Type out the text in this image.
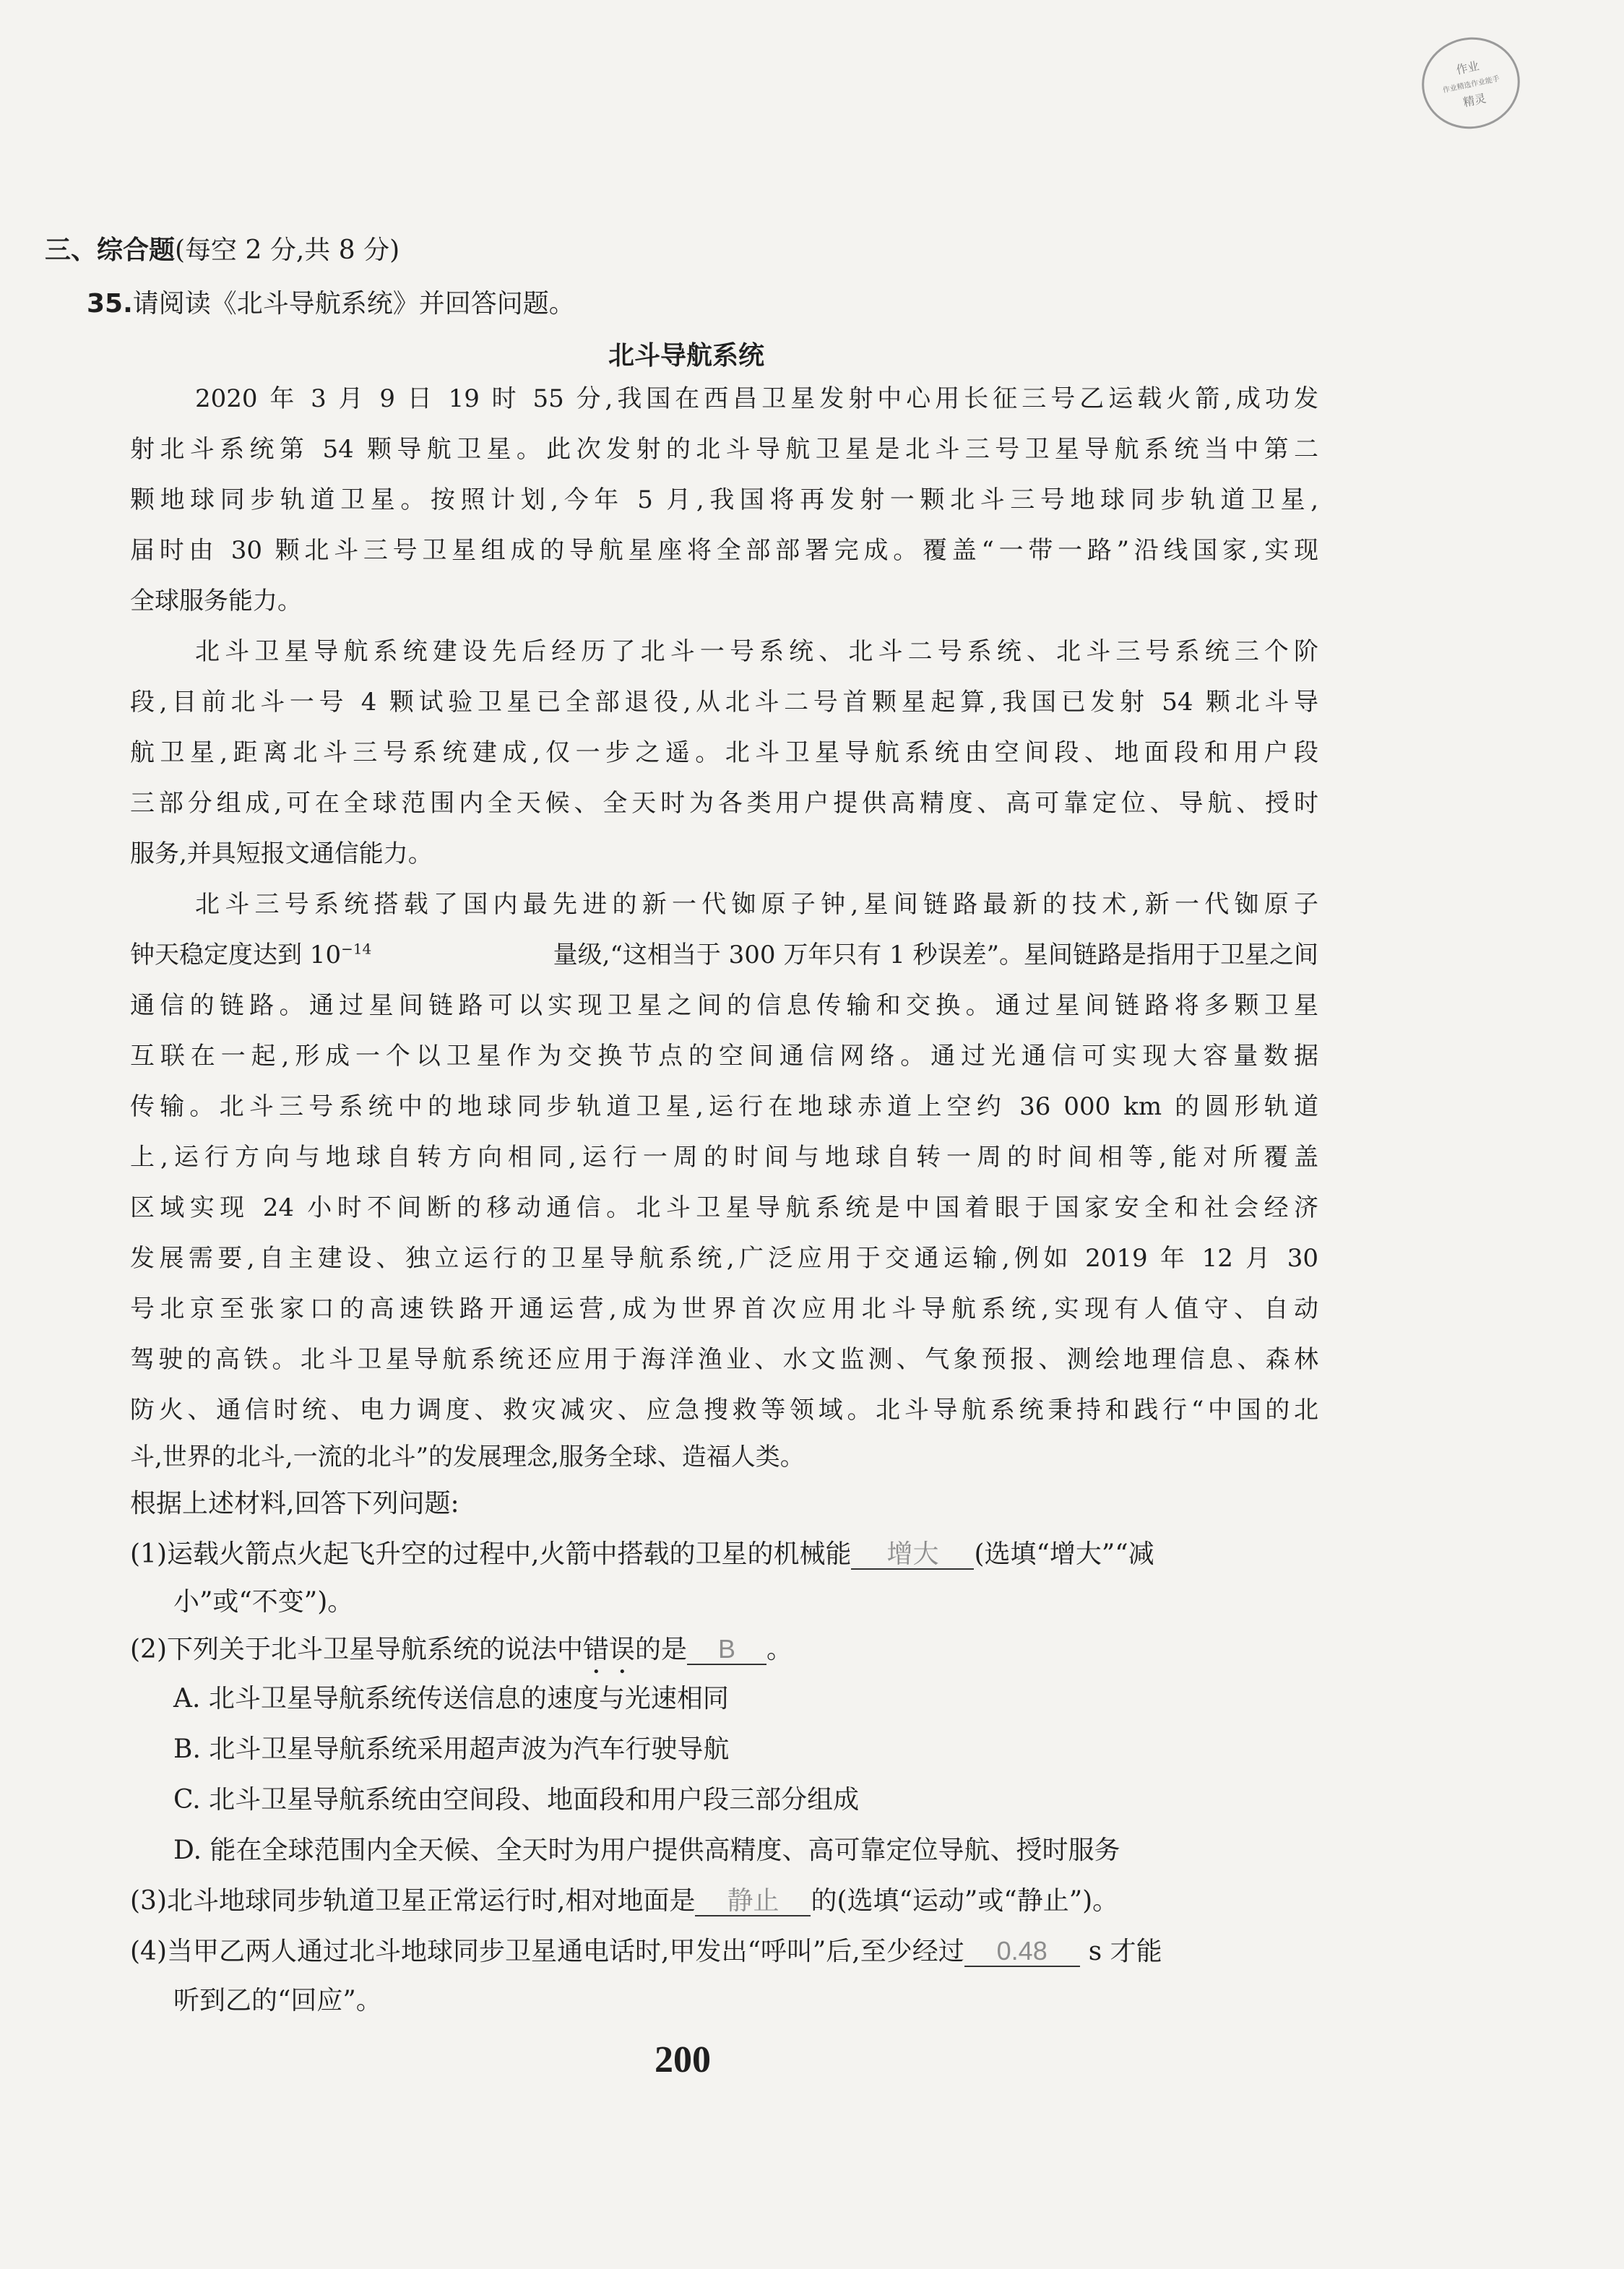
作业
作业精选作业能手
精灵
三、综合题(每空 2 分,共 8 分)
35.请阅读《北斗导航系统》并回答问题。
北斗导航系统
2020 年 3 月 9 日 19 时 55 分,我国在西昌卫星发射中心用长征三号乙运载火箭,成功发
射北斗系统第 54 颗导航卫星。此次发射的北斗导航卫星是北斗三号卫星导航系统当中第二
颗地球同步轨道卫星。按照计划,今年 5 月,我国将再发射一颗北斗三号地球同步轨道卫星,
届时由 30 颗北斗三号卫星组成的导航星座将全部部署完成。覆盖“一带一路”沿线国家,实现
全球服务能力。
北斗卫星导航系统建设先后经历了北斗一号系统、北斗二号系统、北斗三号系统三个阶
段,目前北斗一号 4 颗试验卫星已全部退役,从北斗二号首颗星起算,我国已发射 54 颗北斗导
航卫星,距离北斗三号系统建成,仅一步之遥。北斗卫星导航系统由空间段、地面段和用户段
三部分组成,可在全球范围内全天候、全天时为各类用户提供高精度、高可靠定位、导航、授时
服务,并具短报文通信能力。
北斗三号系统搭载了国内最先进的新一代铷原子钟,星间链路最新的技术,新一代铷原子
钟天稳定度达到 $10^{-14}$	量级,“这相当于 300 万年只有 1 秒误差”。星间链路是指用于卫星之间
通信的链路。通过星间链路可以实现卫星之间的信息传输和交换。通过星间链路将多颗卫星
互联在一起,形成一个以卫星作为交换节点的空间通信网络。通过光通信可实现大容量数据
传输。北斗三号系统中的地球同步轨道卫星,运行在地球赤道上空约 36 000 km 的圆形轨道
上,运行方向与地球自转方向相同,运行一周的时间与地球自转一周的时间相等,能对所覆盖
区域实现 24 小时不间断的移动通信。北斗卫星导航系统是中国着眼于国家安全和社会经济
发展需要,自主建设、独立运行的卫星导航系统,广泛应用于交通运输,例如 2019 年 12 月 30
号北京至张家口的高速铁路开通运营,成为世界首次应用北斗导航系统,实现有人值守、自动
驾驶的高铁。北斗卫星导航系统还应用于海洋渔业、水文监测、气象预报、测绘地理信息、森林
防火、通信时统、电力调度、救灾减灾、应急搜救等领域。北斗导航系统秉持和践行“中国的北
斗,世界的北斗,一流的北斗”的发展理念,服务全球、造福人类。
根据上述材料,回答下列问题:
(1)运载火箭点火起飞升空的过程中,火箭中搭载的卫星的机械能 增大 (选填“增大”“减
小”或“不变”)。
(2)下列关于北斗卫星导航系统的说法中错误的是 B 。
A. 北斗卫星导航系统传送信息的速度与光速相同
B. 北斗卫星导航系统采用超声波为汽车行驶导航
C. 北斗卫星导航系统由空间段、地面段和用户段三部分组成
D. 能在全球范围内全天候、全天时为用户提供高精度、高可靠定位导航、授时服务
(3)北斗地球同步轨道卫星正常运行时,相对地面是 静止 的(选填“运动”或“静止”)。
(4)当甲乙两人通过北斗地球同步卫星通电话时,甲发出“呼叫”后,至少经过 0.48 s 才能
听到乙的“回应”。
200
